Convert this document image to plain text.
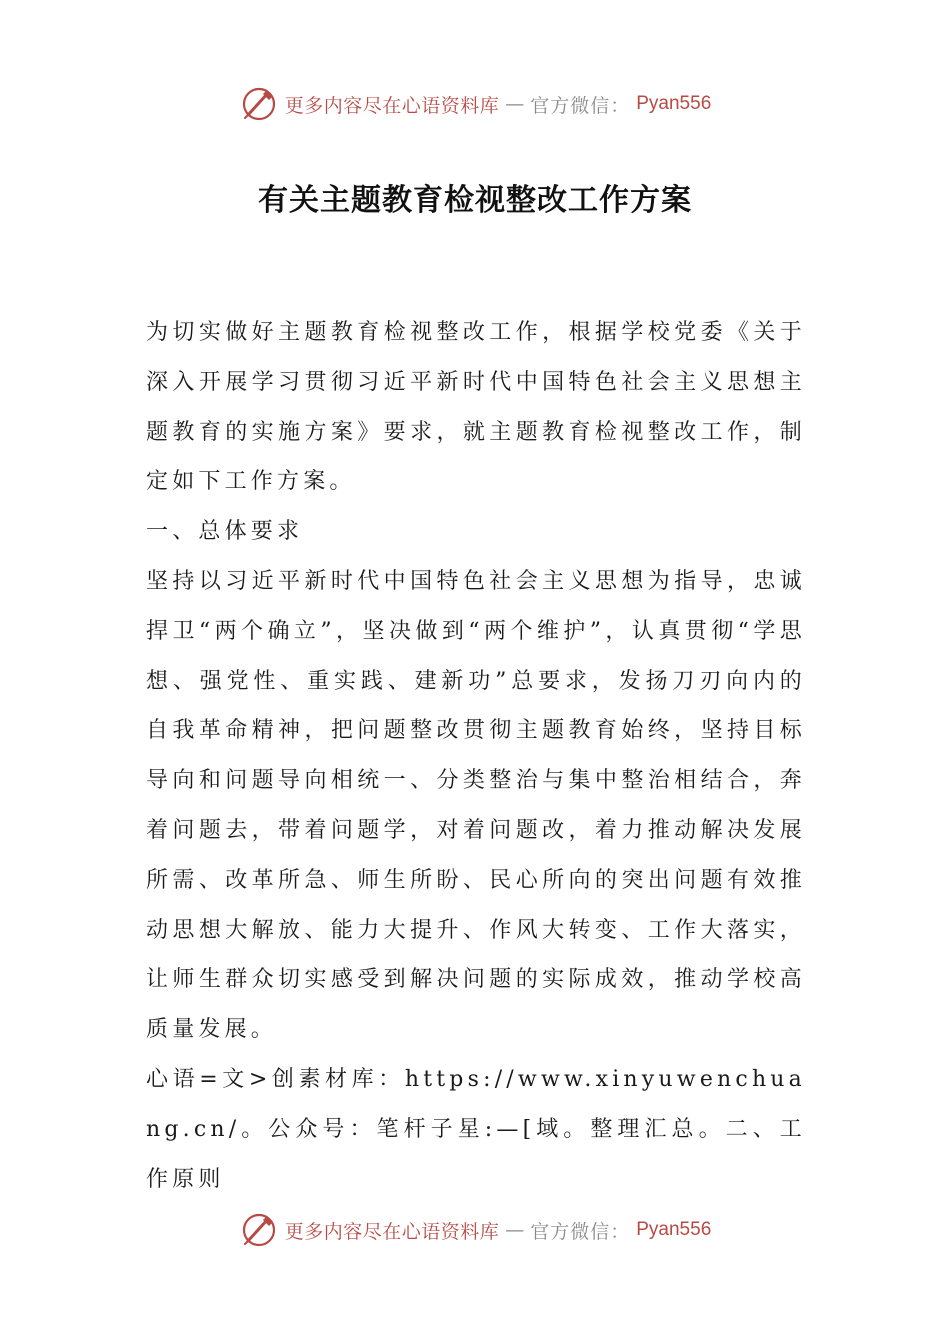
更多内容尽在心语资料库 — 官方微信： Pyan556
有关主题教育检视整改工作方案

为切实做好主题教育检视整改工作，根据学校党委《关于深入开展学习贯彻习近平新时代中国特色社会主义思想主题教育的实施方案》要求，就主题教育检视整改工作，制定如下工作方案。

一、总体要求

坚持以习近平新时代中国特色社会主义思想为指导，忠诚捍卫“两个确立”，坚决做到“两个维护”，认真贯彻“学思想、强党性、重实践、建新功”总要求，发扬刀刃向内的自我革命精神，把问题整改贯彻主题教育始终，坚持目标导向和问题导向相统一、分类整治与集中整治相结合，奔着问题去，带着问题学，对着问题改，着力推动解决发展所需、改革所急、师生所盼、民心所向的突出问题有效推动思想大解放、能力大提升、作风大转变、工作大落实，让师生群众切实感受到解决问题的实际成效，推动学校高质量发展。

心语=文>创素材库：https://www.xinyuwenchuang.cn/。公众号：笔杆子星:—[域。整理汇总。二、工作原则

更多内容尽在心语资料库 — 官方微信： Pyan556
